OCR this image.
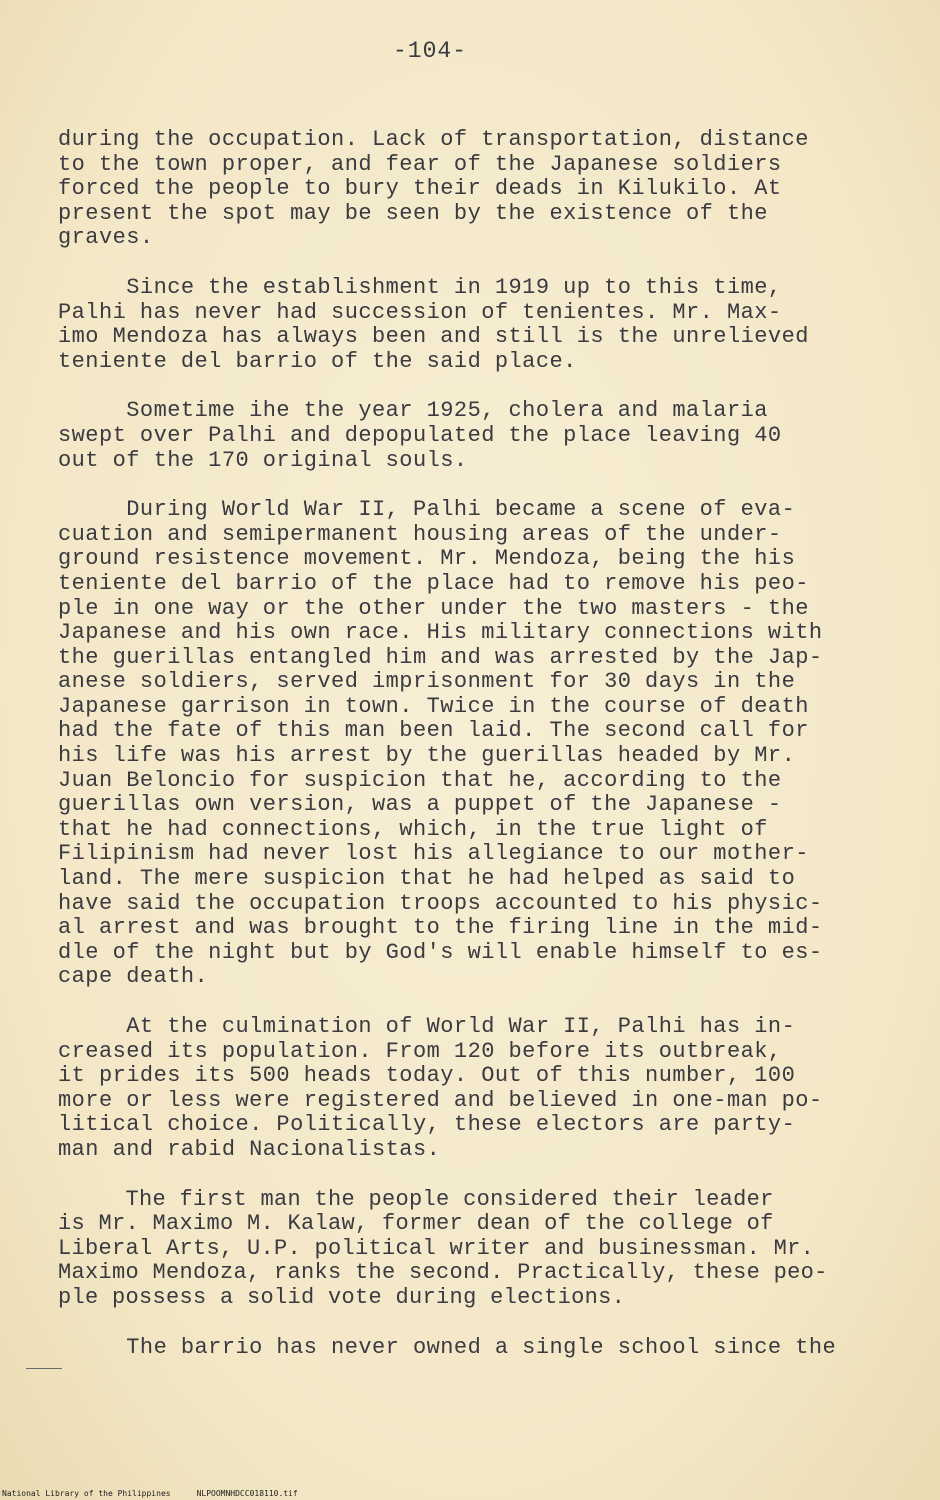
-104-
during the occupation. Lack of transportation, distance
to the town proper, and fear of the Japanese soldiers
forced the people to bury their deads in Kilukilo. At
present the spot may be seen by the existence of the
graves.
Since the establishment in 1919 up to this time,
Palhi has never had succession of tenientes. Mr. Max-
imo Mendoza has always been and still is the unrelieved
teniente del barrio of the said place.
Sometime ihe the year 1925, cholera and malaria
swept over Palhi and depopulated the place leaving 40
out of the 170 original souls.
During World War II, Palhi became a scene of eva-
cuation and semipermanent housing areas of the under-
ground resistence movement. Mr. Mendoza, being the his
teniente del barrio of the place had to remove his peo-
ple in one way or the other under the two masters - the
Japanese and his own race. His military connections with
the guerillas entangled him and was arrested by the Jap-
anese soldiers, served imprisonment for 30 days in the
Japanese garrison in town. Twice in the course of death
had the fate of this man been laid. The second call for
his life was his arrest by the guerillas headed by Mr.
Juan Beloncio for suspicion that he, according to the
guerillas own version, was a puppet of the Japanese -
that he had connections, which, in the true light of
Filipinism had never lost his allegiance to our mother-
land. The mere suspicion that he had helped as said to
have said the occupation troops accounted to his physic-
al arrest and was brought to the firing line in the mid-
dle of the night but by God's will enable himself to es-
cape death.
At the culmination of World War II, Palhi has in-
creased its population. From 120 before its outbreak,
it prides its 500 heads today. Out of this number, 100
more or less were registered and believed in one-man po-
litical choice. Politically, these electors are party-
man and rabid Nacionalistas.
The first man the people considered their leader
is Mr. Maximo M. Kalaw, former dean of the college of
Liberal Arts, U.P. political writer and businessman. Mr.
Maximo Mendoza, ranks the second. Practically, these peo-
ple possess a solid vote during elections.
The barrio has never owned a single school since the
National Library of the Philippines	NLPOOMNHDCC018110.tif
